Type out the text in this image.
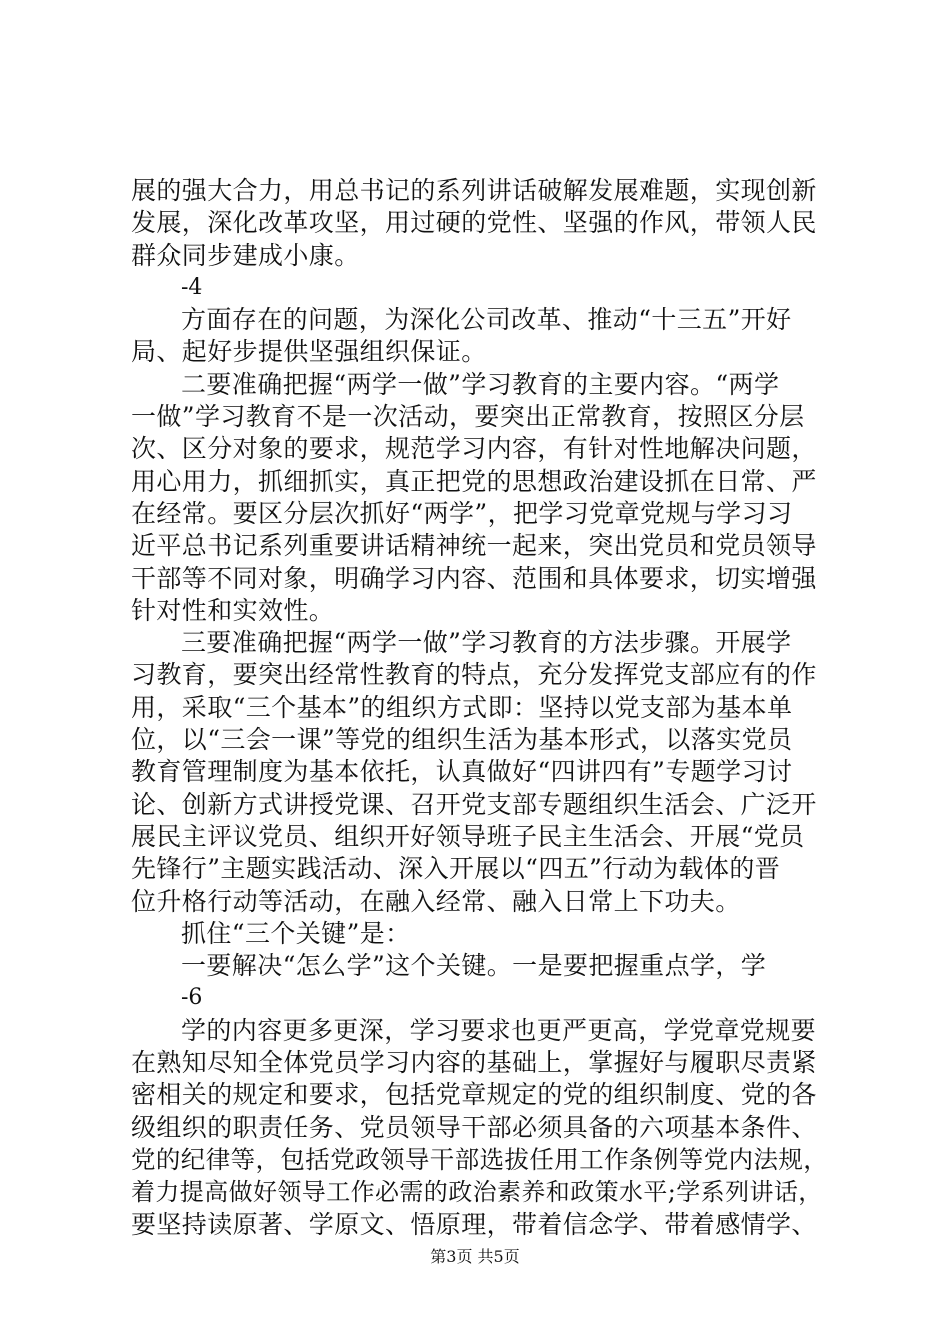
展的强大合力，用总书记的系列讲话破解发展难题，实现创新
发展，深化改革攻坚，用过硬的党性、坚强的作风，带领人民
群众同步建成小康。
-4
方面存在的问题，为深化公司改革、推动“十三五”开好
局、起好步提供坚强组织保证。
二要准确把握“两学一做”学习教育的主要内容。“两学
一做”学习教育不是一次活动，要突出正常教育，按照区分层
次、区分对象的要求，规范学习内容，有针对性地解决问题，
用心用力，抓细抓实，真正把党的思想政治建设抓在日常、严
在经常。要区分层次抓好“两学”，把学习党章党规与学习习
近平总书记系列重要讲话精神统一起来，突出党员和党员领导
干部等不同对象，明确学习内容、范围和具体要求，切实增强
针对性和实效性。
三要准确把握“两学一做”学习教育的方法步骤。开展学
习教育，要突出经常性教育的特点，充分发挥党支部应有的作
用，采取“三个基本”的组织方式即：坚持以党支部为基本单
位，以“三会一课”等党的组织生活为基本形式，以落实党员
教育管理制度为基本依托，认真做好“四讲四有”专题学习讨
论、创新方式讲授党课、召开党支部专题组织生活会、广泛开
展民主评议党员、组织开好领导班子民主生活会、开展“党员
先锋行”主题实践活动、深入开展以“四五”行动为载体的晋
位升格行动等活动，在融入经常、融入日常上下功夫。
抓住“三个关键”是：
一要解决“怎么学”这个关键。一是要把握重点学，学
-6
学的内容更多更深，学习要求也更严更高，学党章党规要
在熟知尽知全体党员学习内容的基础上，掌握好与履职尽责紧
密相关的规定和要求，包括党章规定的党的组织制度、党的各
级组织的职责任务、党员领导干部必须具备的六项基本条件、
党的纪律等，包括党政领导干部选拔任用工作条例等党内法规，
着力提高做好领导工作必需的政治素养和政策水平;学系列讲话，
要坚持读原著、学原文、悟原理，带着信念学、带着感情学、
第3页 共5页
